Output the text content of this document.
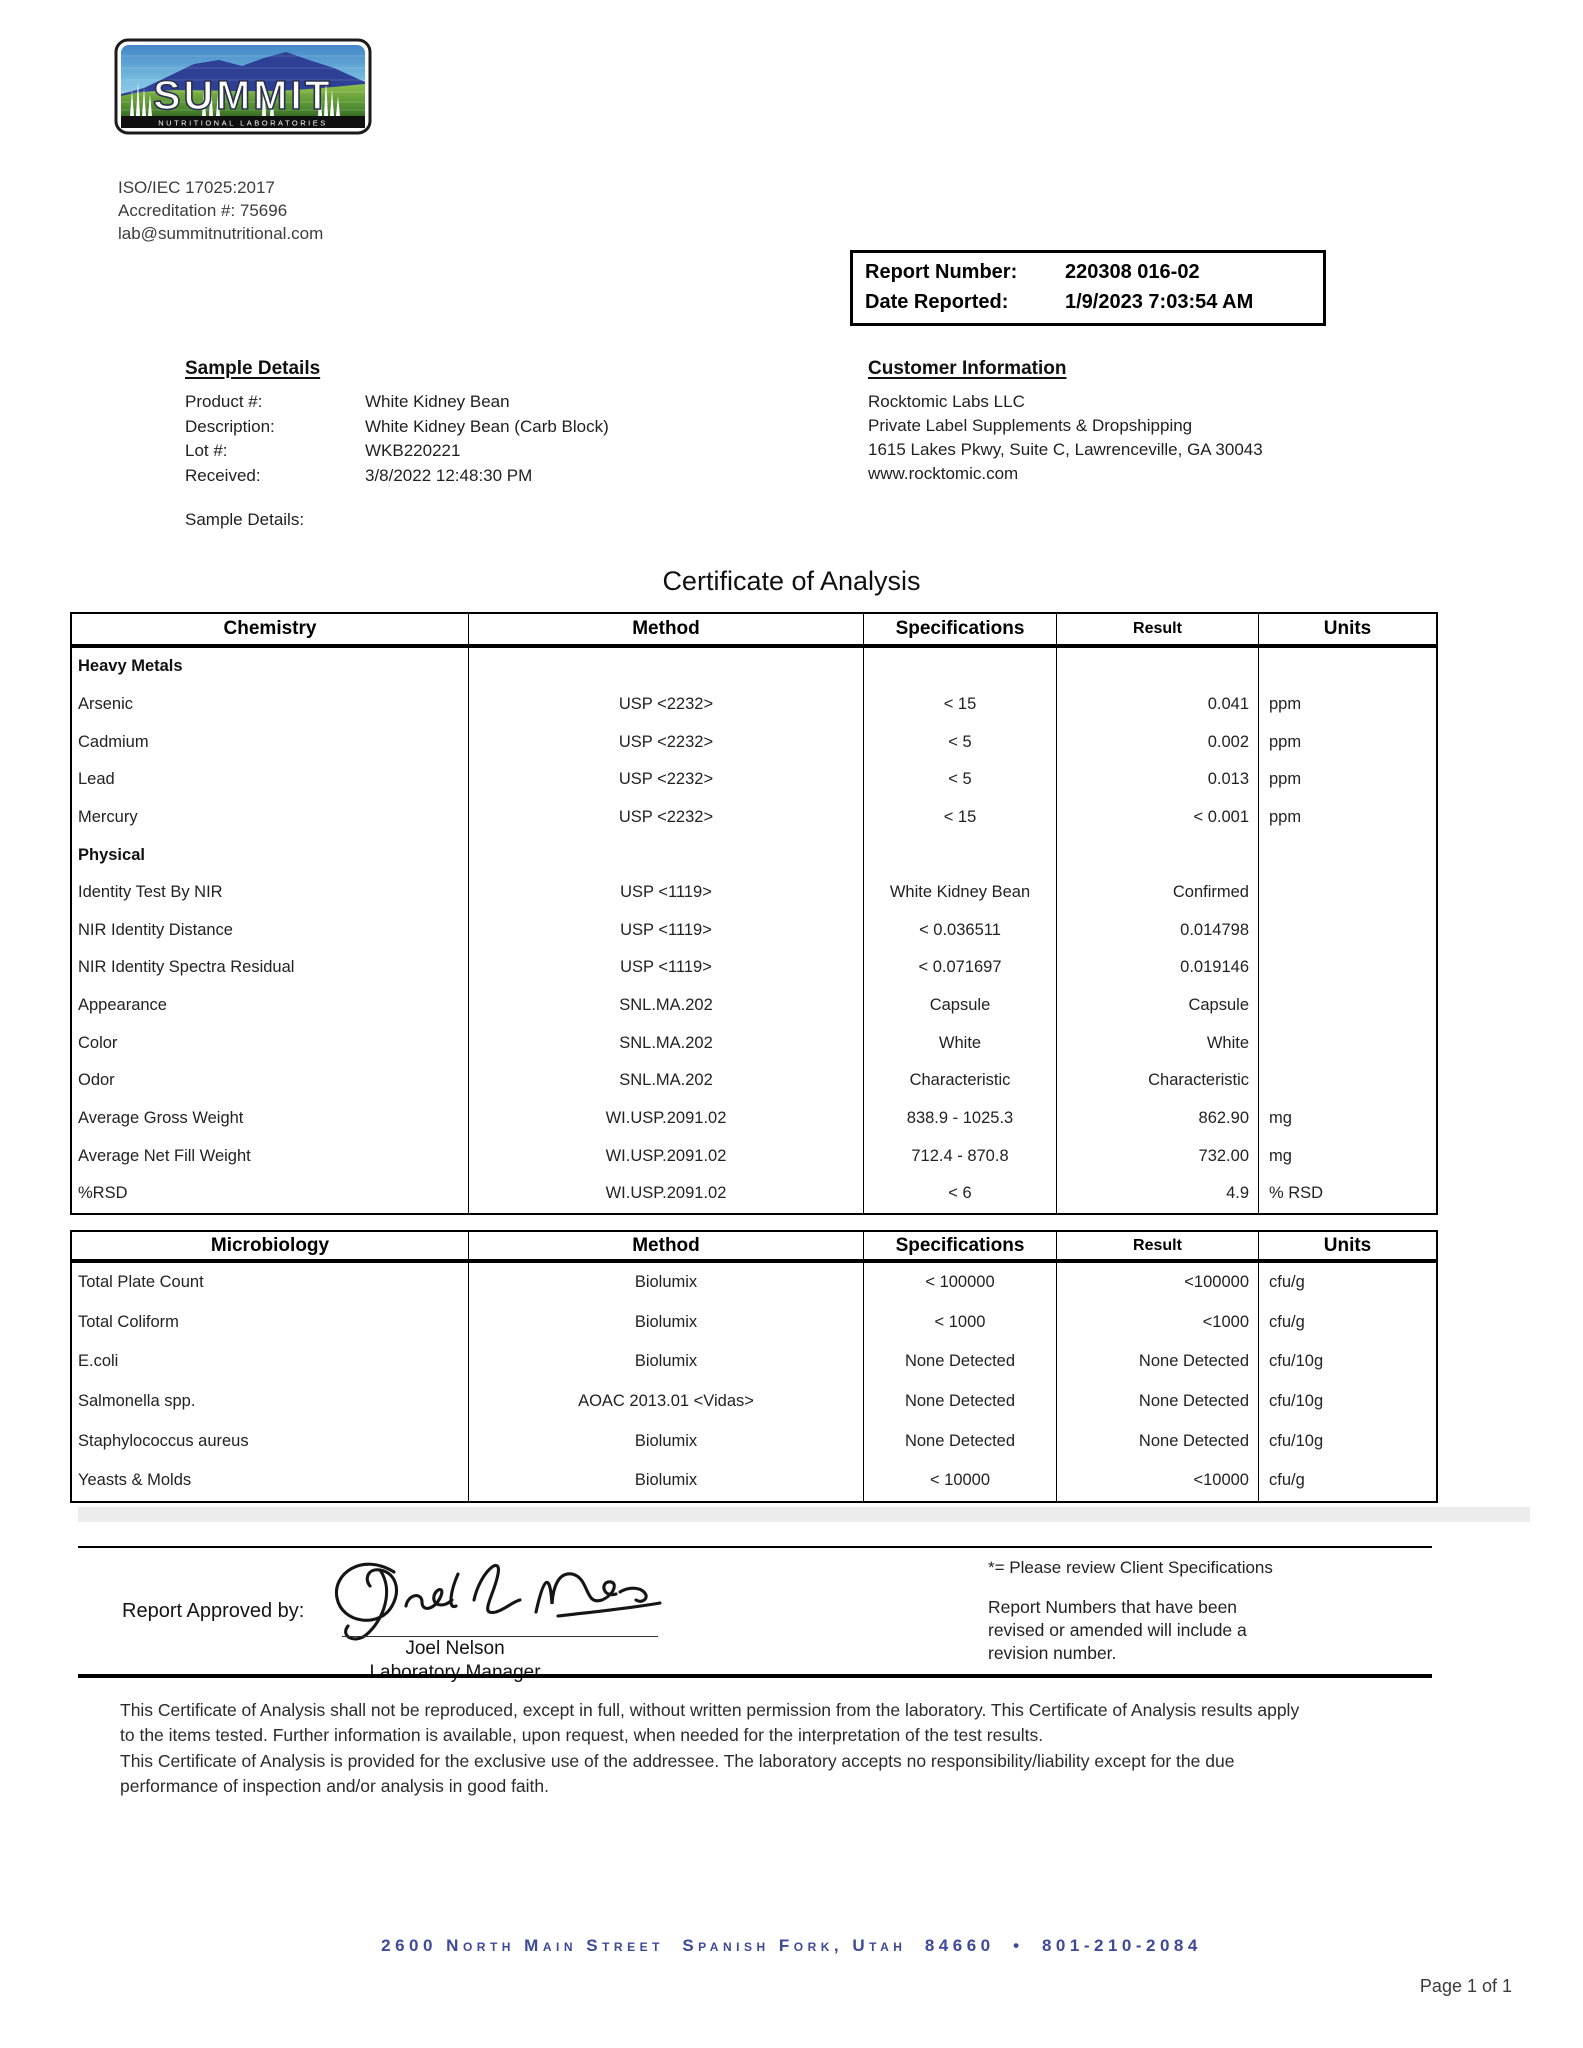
NUTRITIONAL LABORATORIES
SUMMIT
ISO/IEC 17025:2017
Accreditation #: 75696
lab@summitnutritional.com
Report Number:	220308 016-02
Date Reported:	1/9/2023 7:03:54 AM
Sample Details
Product #:	White Kidney Bean
Description:	White Kidney Bean (Carb Block)
Lot #:	WKB220221
Received:	3/8/2022 12:48:30 PM
Sample Details:
Customer Information
Rocktomic Labs LLC
Private Label Supplements & Dropshipping
1615 Lakes Pkwy, Suite C, Lawrenceville, GA 30043
www.rocktomic.com
Certificate of Analysis
Chemistry	Method	Specifications	Result	Units
Heavy Metals
Arsenic	USP <2232>	< 15	0.041	ppm
Cadmium	USP <2232>	< 5	0.002	ppm
Lead	USP <2232>	< 5	0.013	ppm
Mercury	USP <2232>	< 15	< 0.001	ppm
Physical
Identity Test By NIR	USP <1119>	White Kidney Bean	Confirmed
NIR Identity Distance	USP <1119>	< 0.036511	0.014798
NIR Identity Spectra Residual	USP <1119>	< 0.071697	0.019146
Appearance	SNL.MA.202	Capsule	Capsule
Color	SNL.MA.202	White	White
Odor	SNL.MA.202	Characteristic	Characteristic
Average Gross Weight	WI.USP.2091.02	838.9 - 1025.3	862.90	mg
Average Net Fill Weight	WI.USP.2091.02	712.4 - 870.8	732.00	mg
%RSD	WI.USP.2091.02	< 6	4.9	% RSD
Microbiology	Method	Specifications	Result	Units
Total Plate Count	Biolumix	< 100000	<100000	cfu/g
Total Coliform	Biolumix	< 1000	<1000	cfu/g
E.coli	Biolumix	None Detected	None Detected	cfu/10g
Salmonella spp.	AOAC 2013.01 <Vidas>	None Detected	None Detected	cfu/10g
Staphylococcus aureus	Biolumix	None Detected	None Detected	cfu/10g
Yeasts & Molds	Biolumix	< 10000	<10000	cfu/g
*= Please review Client Specifications
Report Approved by:
Joel Nelson
Laboratory Manager
Report Numbers that have been
revised or amended will include a
revision number.
This Certificate of Analysis shall not be reproduced, except in full, without written permission from the laboratory. This Certificate of Analysis results apply
to the items tested. Further information is available, upon request, when needed for the interpretation of the test results.
This Certificate of Analysis is provided for the exclusive use of the addressee. The laboratory accepts no responsibility/liability except for the due
performance of inspection and/or analysis in good faith.
2600 North Main Street  Spanish Fork, Utah  84660  •  801-210-2084
Page 1 of 1
